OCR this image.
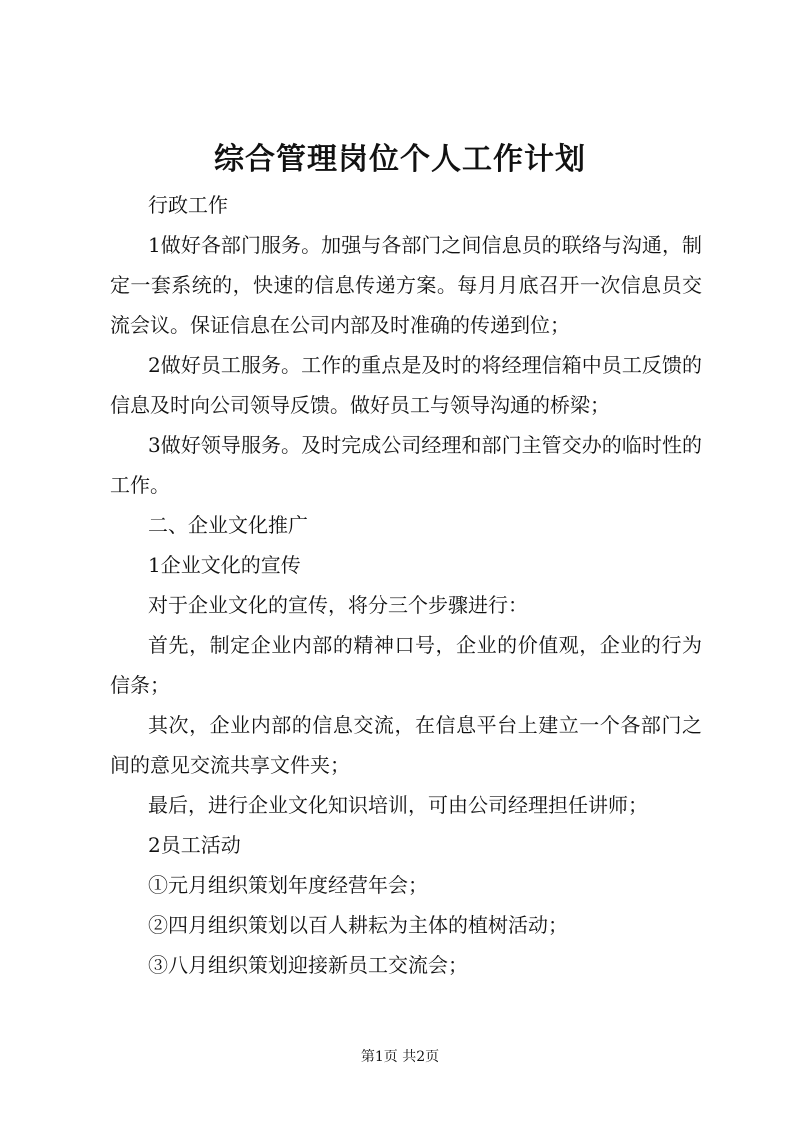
综合管理岗位个人工作计划

行政工作

1做好各部门服务。加强与各部门之间信息员的联络与沟通，制定一套系统的，快速的信息传递方案。每月月底召开一次信息员交流会议。保证信息在公司内部及时准确的传递到位；

2做好员工服务。工作的重点是及时的将经理信箱中员工反馈的信息及时向公司领导反馈。做好员工与领导沟通的桥梁；

3做好领导服务。及时完成公司经理和部门主管交办的临时性的工作。

二、企业文化推广

1企业文化的宣传

对于企业文化的宣传，将分三个步骤进行：

首先，制定企业内部的精神口号，企业的价值观，企业的行为信条；

其次，企业内部的信息交流，在信息平台上建立一个各部门之间的意见交流共享文件夹；

最后，进行企业文化知识培训，可由公司经理担任讲师；

2员工活动

①元月组织策划年度经营年会；

②四月组织策划以百人耕耘为主体的植树活动；

③八月组织策划迎接新员工交流会；

第1页 共2页
